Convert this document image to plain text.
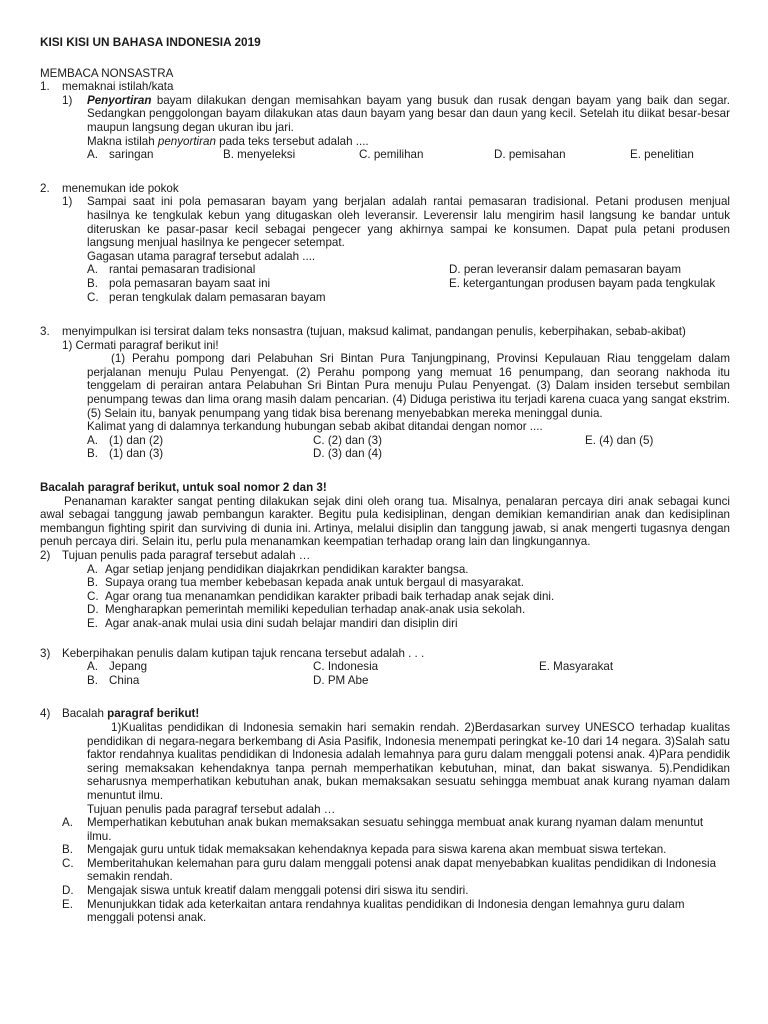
KISI KISI UN BAHASA INDONESIA 2019
MEMBACA NONSASTRA
1. memaknai istilah/kata
1)	Penyortiran bayam dilakukan dengan memisahkan bayam yang busuk dan rusak dengan bayam yang baik dan segar. Sedangkan penggolongan bayam dilakukan atas daun bayam yang besar dan daun yang kecil. Setelah itu diikat besar-besar maupun langsung degan ukuran ibu jari.
Makna istilah penyortiran pada teks tersebut adalah ....
A. saringan	B. menyeleksi	C. pemilihan	D. pemisahan	E. penelitian
2. menemukan ide pokok
1)	Sampai saat ini pola pemasaran bayam yang berjalan adalah rantai pemasaran tradisional. Petani produsen menjual hasilnya ke tengkulak kebun yang ditugaskan oleh leveransir. Leverensir lalu mengirim hasil langsung ke bandar untuk diteruskan ke pasar-pasar kecil sebagai pengecer yang akhirnya sampai ke konsumen. Dapat pula petani produsen langsung menjual hasilnya ke pengecer setempat.
Gagasan utama paragraf tersebut adalah ....
A. rantai pemasaran tradisional	D. peran leveransir dalam pemasaran bayam
B. pola pemasaran bayam saat ini	E. ketergantungan produsen bayam pada tengkulak
C. peran tengkulak dalam pemasaran bayam
3. menyimpulkan isi tersirat dalam teks nonsastra (tujuan, maksud kalimat, pandangan penulis, keberpihakan, sebab-akibat)
1) Cermati paragraf berikut ini!
(1) Perahu pompong dari Pelabuhan Sri Bintan Pura Tanjungpinang, Provinsi Kepulauan Riau tenggelam dalam perjalanan menuju Pulau Penyengat. (2) Perahu pompong yang memuat 16 penumpang, dan seorang nakhoda itu tenggelam di perairan antara Pelabuhan Sri Bintan Pura menuju Pulau Penyengat. (3) Dalam insiden tersebut sembilan penumpang tewas dan lima orang masih dalam pencarian. (4) Diduga peristiwa itu terjadi karena cuaca yang sangat ekstrim. (5) Selain itu, banyak penumpang yang tidak bisa berenang menyebabkan mereka meninggal dunia.
Kalimat yang di dalamnya terkandung hubungan sebab akibat ditandai dengan nomor ....
A. (1) dan (2)	C. (2) dan (3)	E. (4) dan (5)
B. (1) dan (3)	D. (3) dan (4)
Bacalah paragraf berikut, untuk soal nomor 2 dan 3!
Penanaman karakter sangat penting dilakukan sejak dini oleh orang tua. Misalnya, penalaran percaya diri anak sebagai kunci awal sebagai tanggung jawab pembangun karakter. Begitu pula kedisiplinan, dengan demikian kemandirian anak dan kedisiplinan membangun fighting spirit dan surviving di dunia ini. Artinya, melalui disiplin dan tanggung jawab, si anak mengerti tugasnya dengan penuh percaya diri. Selain itu, perlu pula menanamkan keempatian terhadap orang lain dan lingkungannya.
2) Tujuan penulis pada paragraf tersebut adalah …
A. Agar setiap jenjang pendidikan diajakrkan pendidikan karakter bangsa.
B. Supaya orang tua member kebebasan kepada anak untuk bergaul di masyarakat.
C. Agar orang tua menanamkan pendidikan karakter pribadi baik terhadap anak sejak dini.
D. Mengharapkan pemerintah memiliki kepedulian terhadap anak-anak usia sekolah.
E. Agar anak-anak mulai usia dini sudah belajar mandiri dan disiplin diri
3) Keberpihakan penulis dalam kutipan tajuk rencana tersebut adalah . . .
A. Jepang	C. Indonesia	E. Masyarakat
B. China	D. PM Abe
4) Bacalah paragraf berikut!
1)Kualitas pendidikan di Indonesia semakin hari semakin rendah. 2)Berdasarkan survey UNESCO terhadap kualitas pendidikan di negara-negara berkembang di Asia Pasifik, Indonesia menempati peringkat ke-10 dari 14 negara. 3)Salah satu faktor rendahnya kualitas pendidikan di Indonesia adalah lemahnya para guru dalam menggali potensi anak. 4)Para pendidik sering memaksakan kehendaknya tanpa pernah memperhatikan kebutuhan, minat, dan bakat siswanya. 5).Pendidikan seharusnya memperhatikan kebutuhan anak, bukan memaksakan sesuatu sehingga membuat anak kurang nyaman dalam menuntut ilmu.
Tujuan penulis pada paragraf tersebut adalah …
A.	Memperhatikan kebutuhan anak bukan memaksakan sesuatu sehingga membuat anak kurang nyaman dalam menuntut ilmu.
B.	Mengajak guru untuk tidak memaksakan kehendaknya kepada para siswa karena akan membuat siswa tertekan.
C.	Memberitahukan kelemahan para guru dalam menggali potensi anak dapat menyebabkan kualitas pendidikan di Indonesia semakin rendah.
D.	Mengajak siswa untuk kreatif dalam menggali potensi diri siswa itu sendiri.
E.	Menunjukkan tidak ada keterkaitan antara rendahnya kualitas pendidikan di Indonesia dengan lemahnya guru dalam menggali potensi anak.
